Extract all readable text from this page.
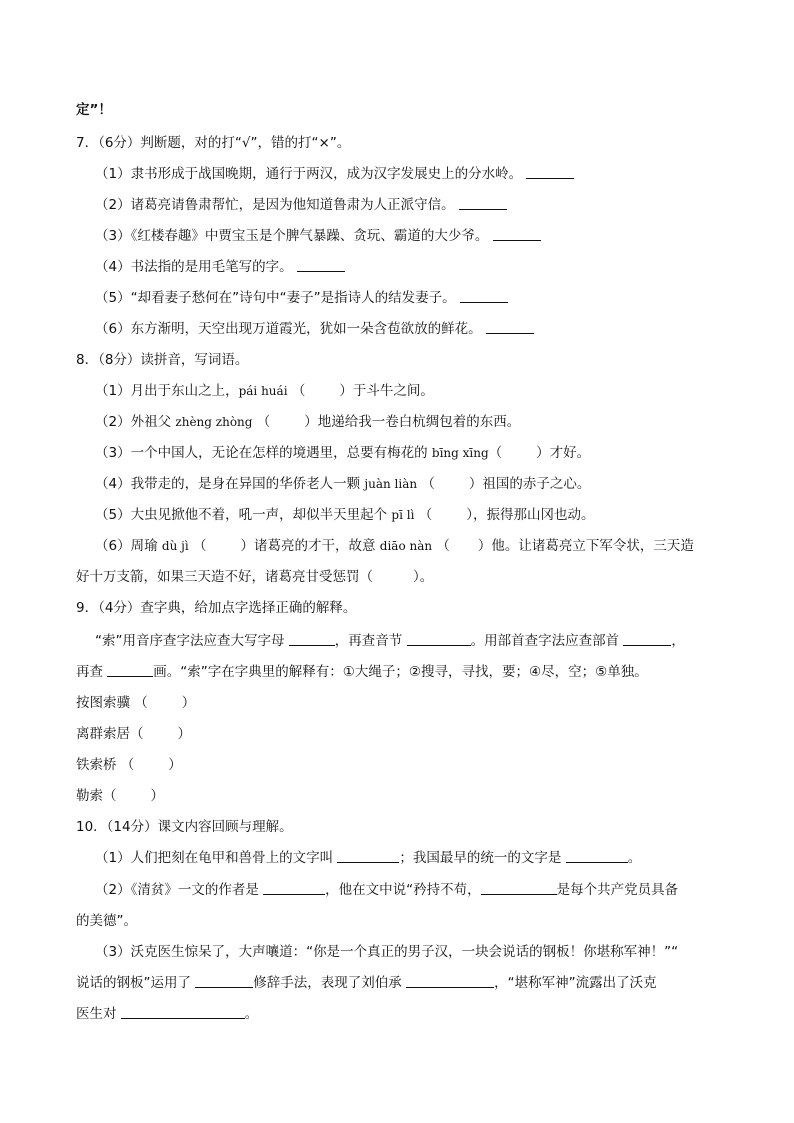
定”！
7．（6分）判断题，对的打“√”，错的打“×”。
（1）隶书形成于战国晚期，通行于两汉，成为汉字发展史上的分水岭。
（2）诸葛亮请鲁肃帮忙，是因为他知道鲁肃为人正派守信。
（3）《红楼春趣》中贾宝玉是个脾气暴躁、贪玩、霸道的大少爷。
（4）书法指的是用毛笔写的字。
（5）“却看妻子愁何在”诗句中“妻子”是指诗人的结发妻子。
（6）东方渐明，天空出现万道霞光，犹如一朵含苞欲放的鲜花。
8．（8分）读拼音，写词语。
（1）月出于东山之上，pái huái （	）于斗牛之间。
（2）外祖父 zhèng zhòng （	）地递给我一卷白杭绸包着的东西。
（3）一个中国人，无论在怎样的境遇里，总要有梅花的 bīng xīng（	）才好。
（4）我带走的，是身在异国的华侨老人一颗 juàn liàn （	）祖国的赤子之心。
（5）大虫见掀他不着，吼一声，却似半天里起个 pī lì （	），振得那山冈也动。
（6）周瑜 dù jì （	）诸葛亮的才干，故意 diāo nàn （ ）他。让诸葛亮立下军令状，三天造
好十万支箭，如果三天造不好，诸葛亮甘受惩罚（	）。
9．（4分）查字典，给加点字选择正确的解释。
“索”用音序查字法应查大写字母	，再查音节	。用部首查字法应查部首	，
再查	画。“索”字在字典里的解释有：①大绳子；②搜寻，寻找，要；④尽，空；⑤单独。
按图索骥 （	）
离群索居（	）
铁索桥 （	）
勒索（	）
10．（14分）课文内容回顾与理解。
（1）人们把刻在龟甲和兽骨上的文字叫	；我国最早的统一的文字是	。
（2）《清贫》一文的作者是	，他在文中说“矜持不苟，	是每个共产党员具备
的美德”。
（3）沃克医生惊呆了，大声嚷道：“你是一个真正的男子汉，一块会说话的钢板！你堪称军神！”“
说话的钢板”运用了	修辞手法，表现了刘伯承	，“堪称军神”流露出了沃克
医生对	。
